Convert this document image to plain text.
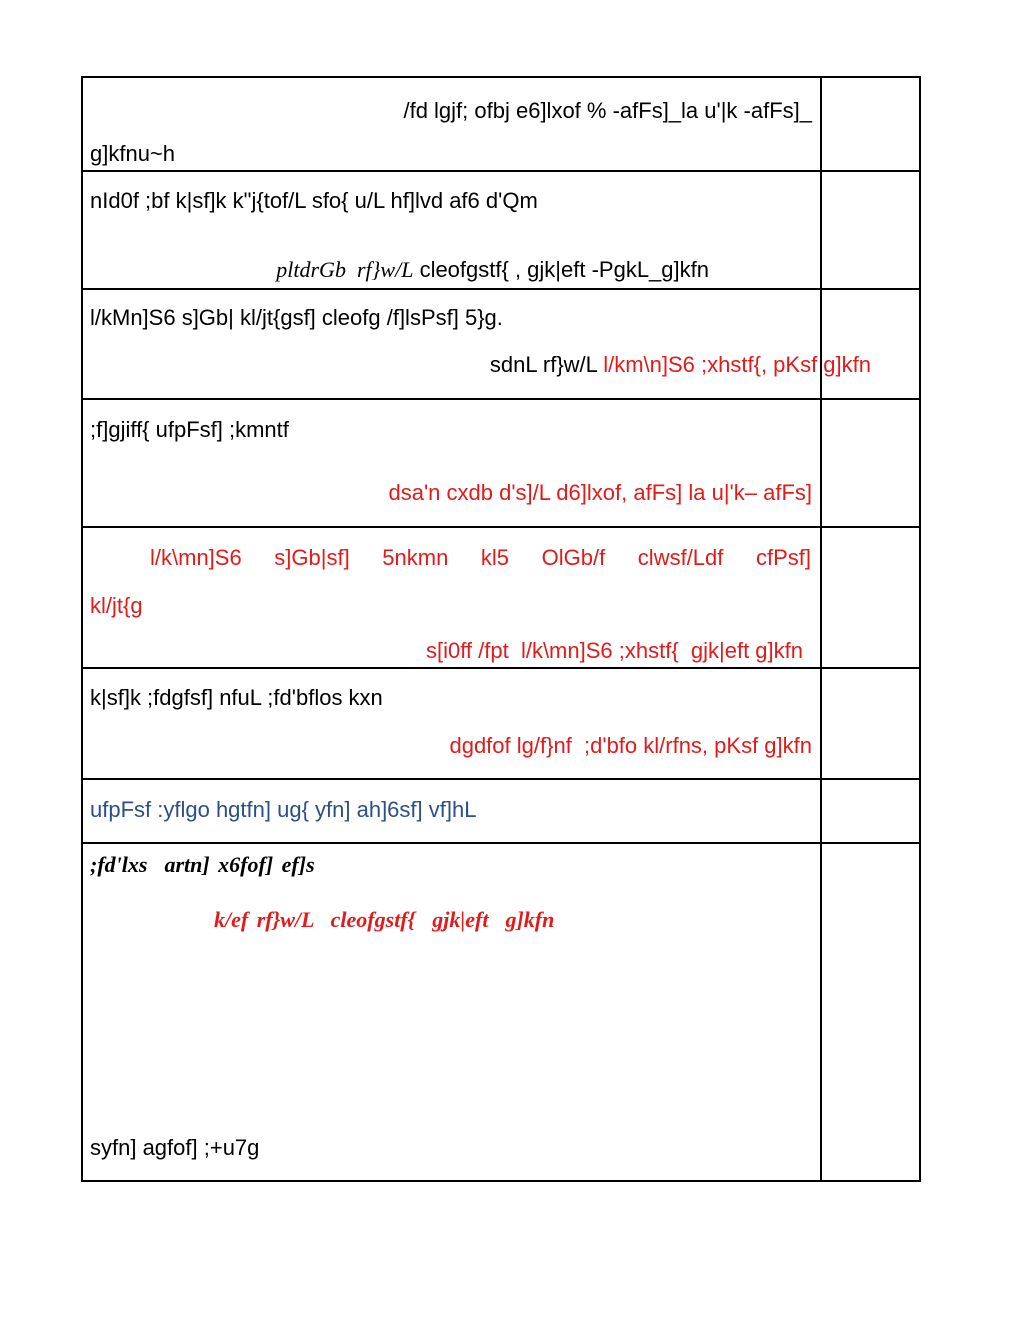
/fd lgjf; ofbj e6]lxof % -afFs]_la u'|k -afFs]_
g]kfnu~h
nId0f ;bf k|sf]k k"j{tof/L sfo{ u/L hf]lvd af6 d'Qm
pltdrGb  rf}w/L cleofgstf{ , gjk|eft -PgkL_g]kfn
l/kMn]S6 s]Gb| kl/jt{gsf] cleofg /f]lsPsf] 5}g.
sdnL rf}w/L l/km\n]S6 ;xhstf{, pKsf g]kfn
;f]gjiff{ ufpFsf] ;kmntf
dsa'n cxdb d's]/L d6]lxof, afFs] la u|'k– afFs]
l/k\mn]S6  s]Gb|sf]  5nkmn  kl5  OlGb/f  clwsf/Ldf  cfPsf]
kl/jt{g
s[i0ff /fpt  l/k\mn]S6 ;xhstf{  gjk|eft g]kfn
k|sf]k ;fdgfsf] nfuL ;fd'bflos kxn
dgdfof lg/f}nf  ;d'bfo kl/rfns, pKsf g]kfn
ufpFsf :yflgo hgtfn] ug{ yfn] ah]6sf] vf]hL
;fd'lxs  artn] x6fof] ef]s
k/ef rf}w/L  cleofgstf{  gjk|eft  g]kfn
syfn] agfof] ;+u7g
